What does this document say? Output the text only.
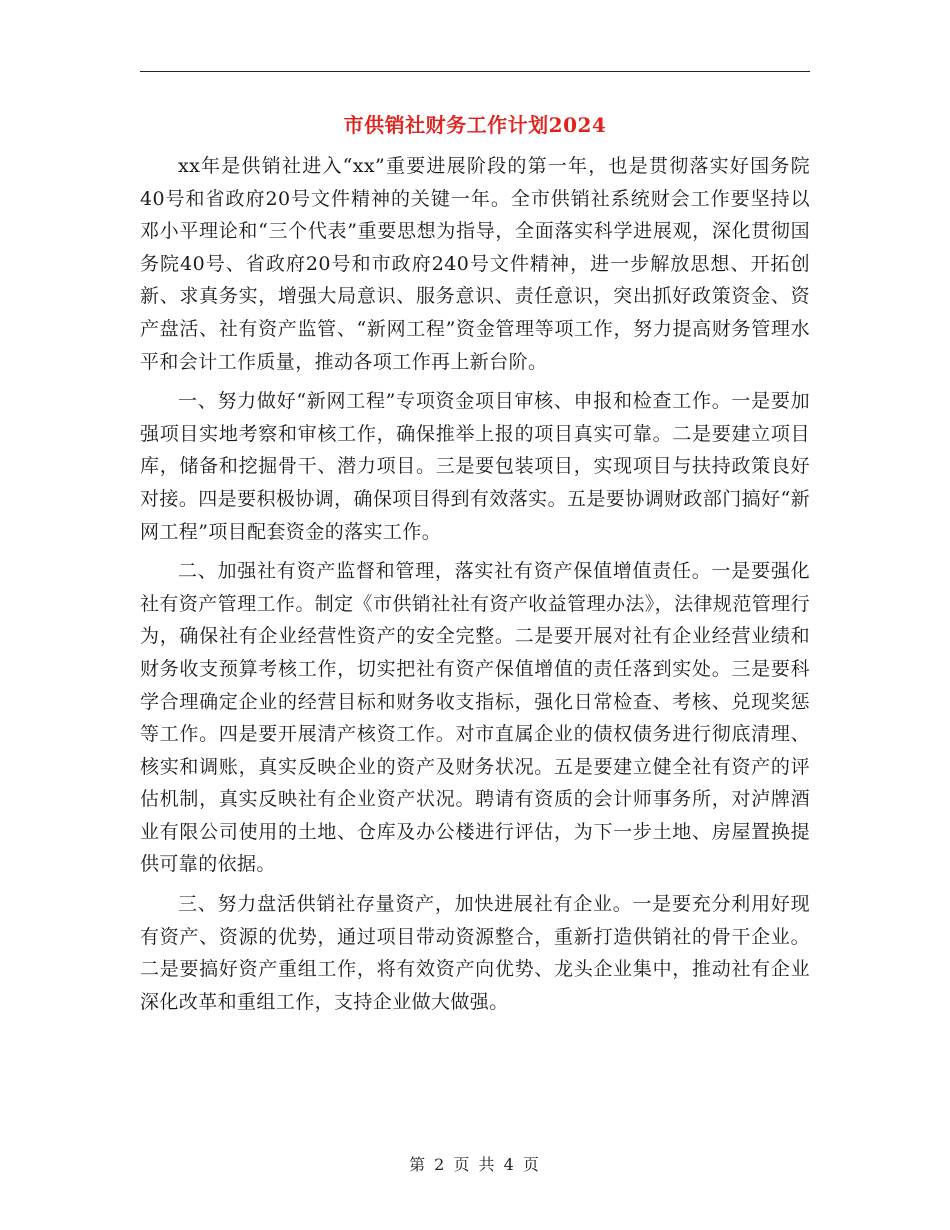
市供销社财务工作计划2024

xx年是供销社进入“xx”重要进展阶段的第一年，也是贯彻落实好国务院40号和省政府20号文件精神的关键一年。全市供销社系统财会工作要坚持以邓小平理论和“三个代表”重要思想为指导，全面落实科学进展观，深化贯彻国务院40号、省政府20号和市政府240号文件精神，进一步解放思想、开拓创新、求真务实，增强大局意识、服务意识、责任意识，突出抓好政策资金、资产盘活、社有资产监管、“新网工程”资金管理等项工作，努力提高财务管理水平和会计工作质量，推动各项工作再上新台阶。

一、努力做好“新网工程”专项资金项目审核、申报和检查工作。一是要加强项目实地考察和审核工作，确保推举上报的项目真实可靠。二是要建立项目库，储备和挖掘骨干、潜力项目。三是要包装项目，实现项目与扶持政策良好对接。四是要积极协调，确保项目得到有效落实。五是要协调财政部门搞好“新网工程”项目配套资金的落实工作。

二、加强社有资产监督和管理，落实社有资产保值增值责任。一是要强化社有资产管理工作。制定《市供销社社有资产收益管理办法》，法律规范管理行为，确保社有企业经营性资产的安全完整。二是要开展对社有企业经营业绩和财务收支预算考核工作，切实把社有资产保值增值的责任落到实处。三是要科学合理确定企业的经营目标和财务收支指标，强化日常检查、考核、兑现奖惩等工作。四是要开展清产核资工作。对市直属企业的债权债务进行彻底清理、核实和调账，真实反映企业的资产及财务状况。五是要建立健全社有资产的评估机制，真实反映社有企业资产状况。聘请有资质的会计师事务所，对泸牌酒业有限公司使用的土地、仓库及办公楼进行评估，为下一步土地、房屋置换提供可靠的依据。

三、努力盘活供销社存量资产，加快进展社有企业。一是要充分利用好现有资产、资源的优势，通过项目带动资源整合，重新打造供销社的骨干企业。二是要搞好资产重组工作，将有效资产向优势、龙头企业集中，推动社有企业深化改革和重组工作，支持企业做大做强。

第 2 页 共 4 页
